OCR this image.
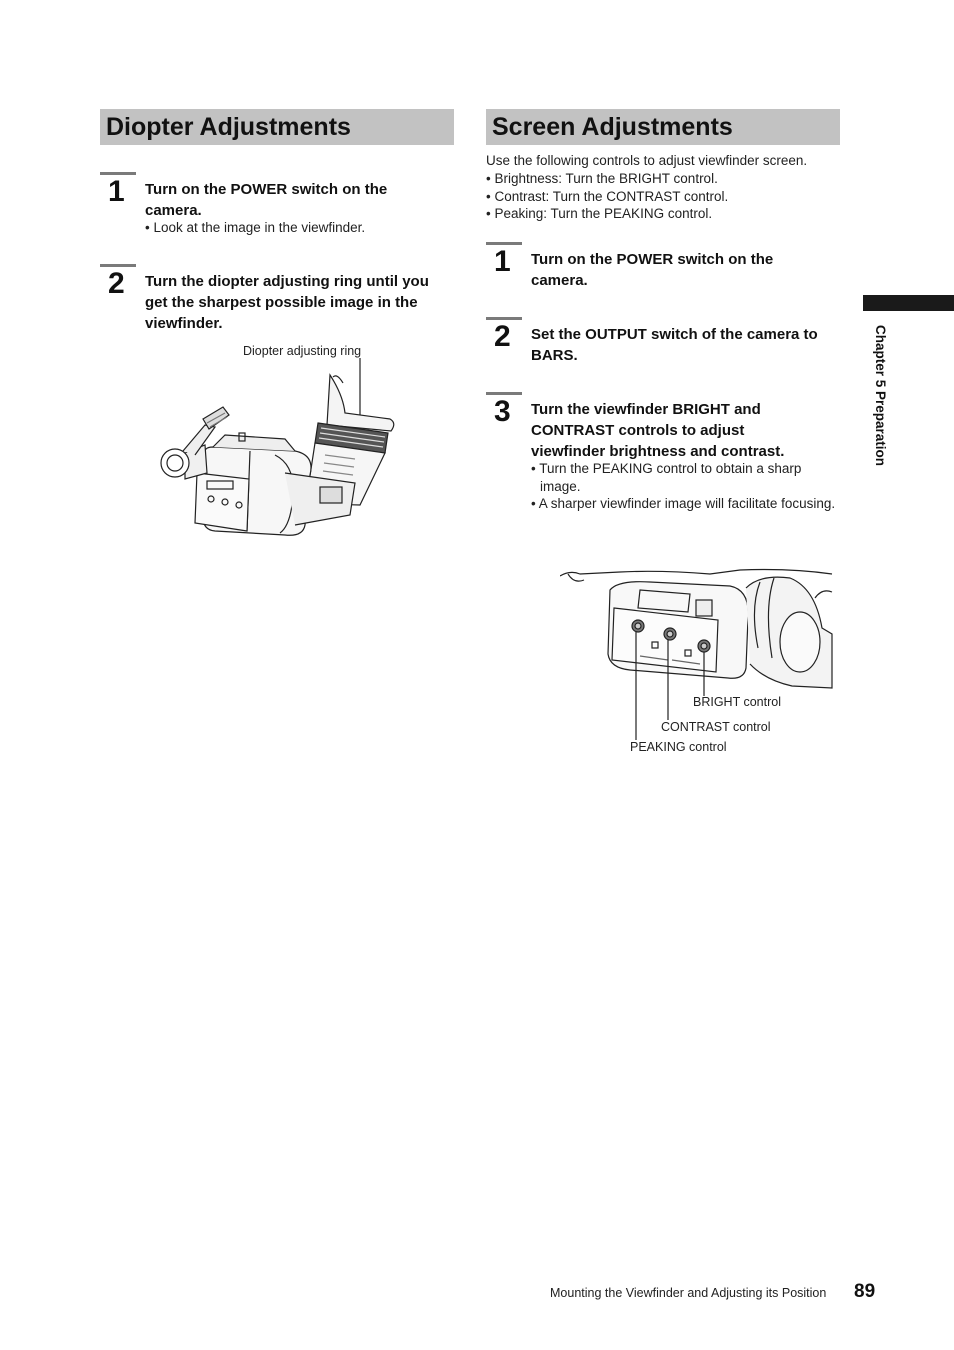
Diopter Adjustments
1 Turn on the POWER switch on the camera.
• Look at the image in the viewfinder.
2 Turn the diopter adjusting ring until you get the sharpest possible image in the viewfinder.
Diopter adjusting ring
Screen Adjustments
Use the following controls to adjust viewfinder screen.
• Brightness: Turn the BRIGHT control.
• Contrast: Turn the CONTRAST control.
• Peaking: Turn the PEAKING control.
1 Turn on the POWER switch on the camera.
2 Set the OUTPUT switch of the camera to BARS.
3 Turn the viewfinder BRIGHT and CONTRAST controls to adjust viewfinder brightness and contrast.
• Turn the PEAKING control to obtain a sharp image.
• A sharper viewfinder image will facilitate focusing.
BRIGHT control
CONTRAST control
PEAKING control
Chapter 5 Preparation
Mounting the Viewfinder and Adjusting its Position 89
